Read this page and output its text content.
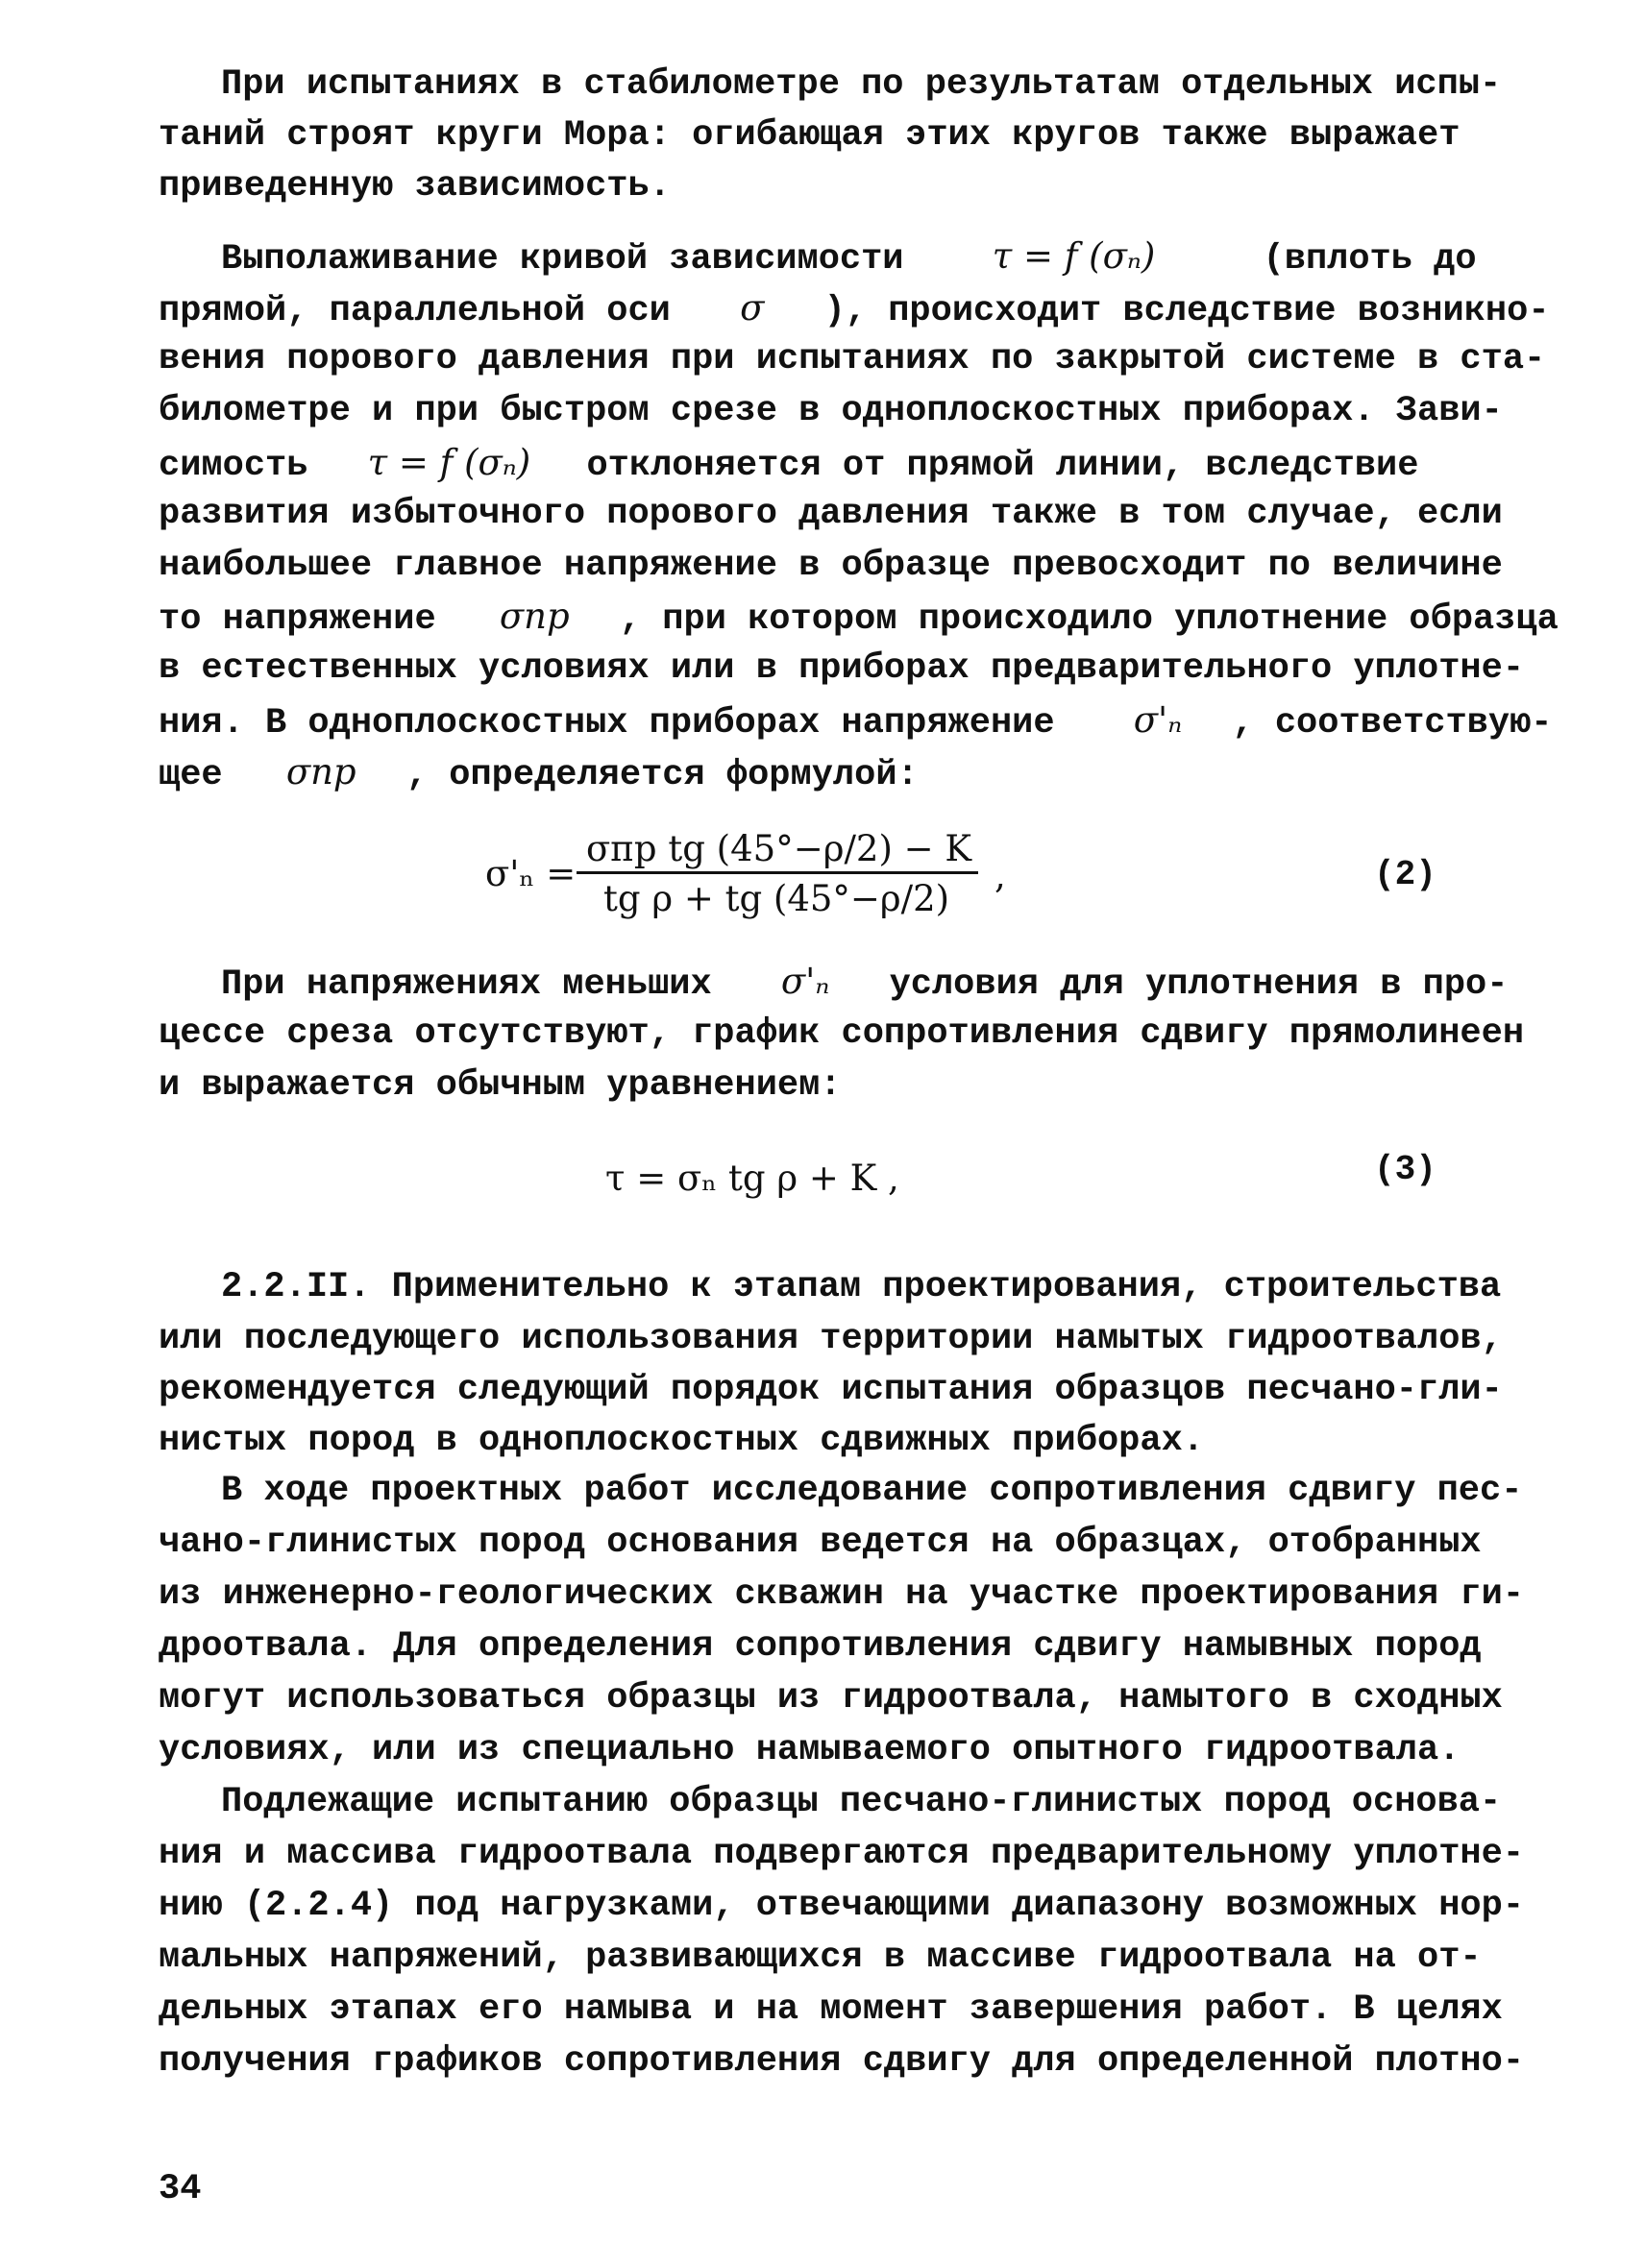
При испытаниях в стабилометре по результатам отдельных испы-
таний строят круги Мора: огибающая этих кругов также выражает
приведенную зависимость.
Выполаживание кривой зависимости τ = f (σₙ)	(вплоть до
прямой, параллельной оси σ ), происходит вследствие возникно-
вения порового давления при испытаниях по закрытой системе в ста-
билометре и при быстром срезе в одноплоскостных приборах. Зави-
симость τ = f (σₙ) отклоняется от прямой линии, вследствие
развития избыточного порового давления также в том случае, если
наибольшее главное напряжение в образце превосходит по величине
то напряжение σпр , при котором происходило уплотнение образца
в естественных условиях или в приборах предварительного уплотне-
ния. В одноплоскостных приборах напряжение σ'ₙ , соответствую-
щее σпр , определяется формулой:
σ'ₙ =
σпр tg (45°−ρ/2) − K
tg ρ + tg (45°−ρ/2)
,	(2)
При напряжениях меньших σ'ₙ условия для уплотнения в про-
цессе среза отсутствуют, график сопротивления сдвигу прямолинеен
и выражается обычным уравнением:
τ = σₙ tg ρ + K ,	(3)
2.2.II. Применительно к этапам проектирования, строительства
или последующего использования территории намытых гидроотвалов,
рекомендуется следующий порядок испытания образцов песчано-гли-
нистых пород в одноплоскостных сдвижных приборах.
В ходе проектных работ исследование сопротивления сдвигу пес-
чано-глинистых пород основания ведется на образцах, отобранных
из инженерно-геологических скважин на участке проектирования ги-
дроотвала. Для определения сопротивления сдвигу намывных пород
могут использоваться образцы из гидроотвала, намытого в сходных
условиях, или из специально намываемого опытного гидроотвала.
Подлежащие испытанию образцы песчано-глинистых пород основа-
ния и массива гидроотвала подвергаются предварительному уплотне-
нию (2.2.4) под нагрузками, отвечающими диапазону возможных нор-
мальных напряжений, развивающихся в массиве гидроотвала на от-
дельных этапах его намыва и на момент завершения работ. В целях
получения графиков сопротивления сдвигу для определенной плотно-
34
